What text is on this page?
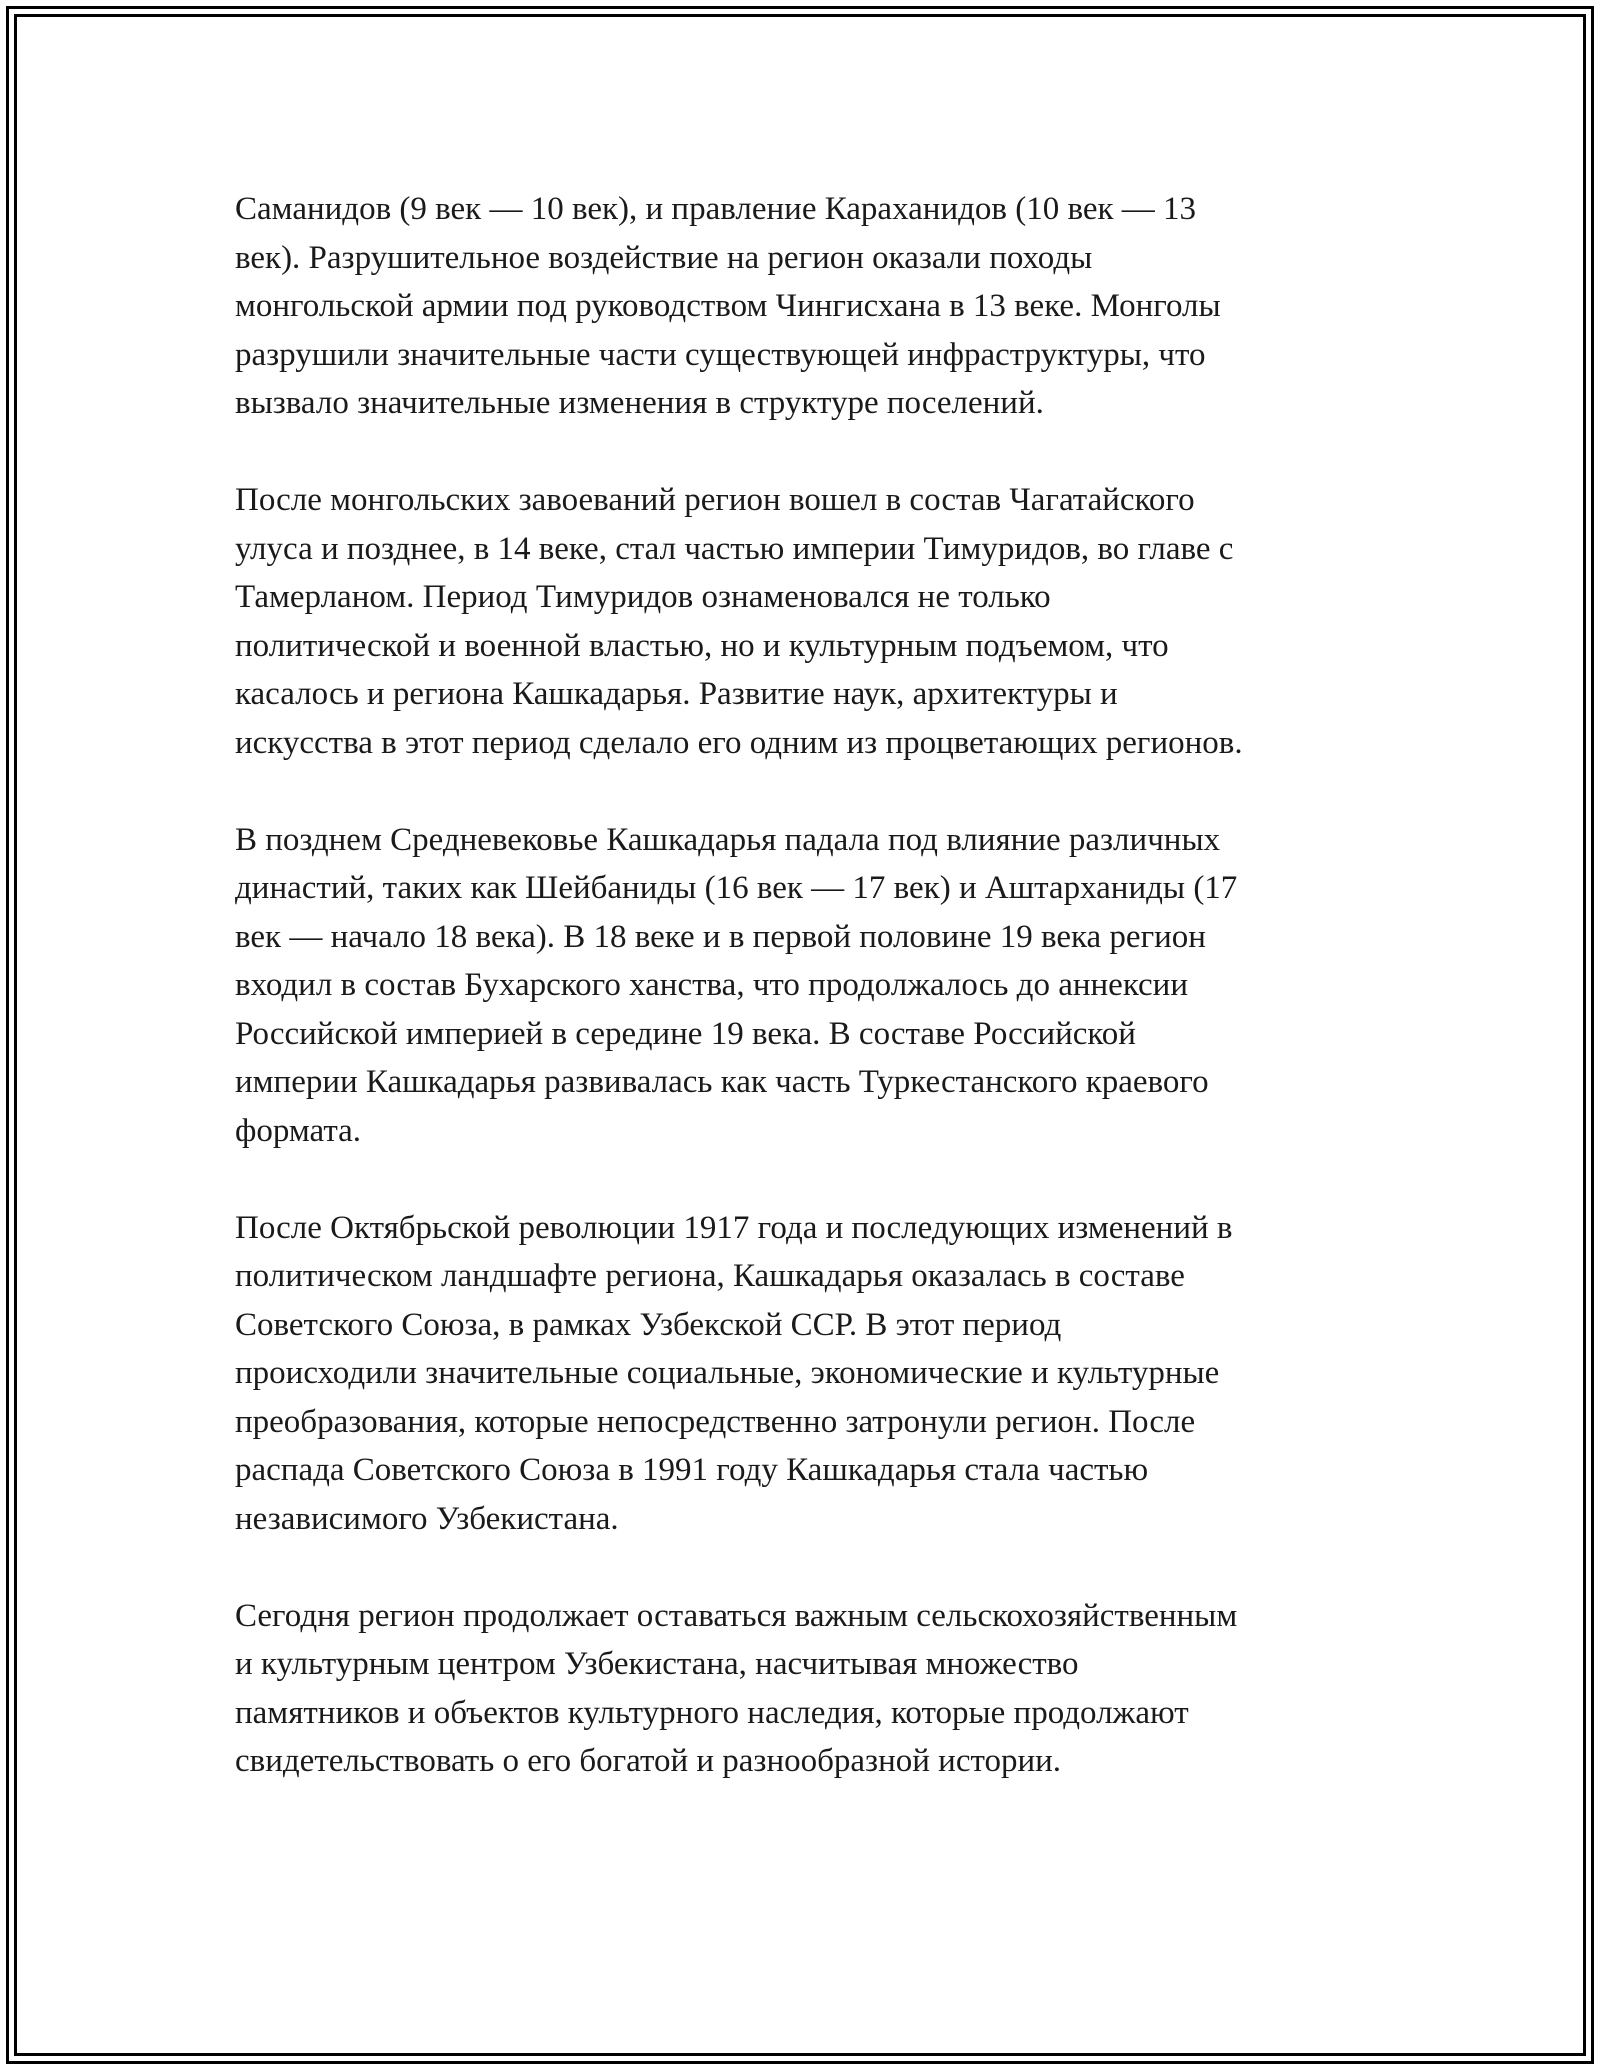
Саманидов (9 век — 10 век), и правление Караханидов (10 век — 13
век). Разрушительное воздействие на регион оказали походы
монгольской армии под руководством Чингисхана в 13 веке. Монголы
разрушили значительные части существующей инфраструктуры, что
вызвало значительные изменения в структуре поселений.

После монгольских завоеваний регион вошел в состав Чагатайского
улуса и позднее, в 14 веке, стал частью империи Тимуридов, во главе с
Тамерланом. Период Тимуридов ознаменовался не только
политической и военной властью, но и культурным подъемом, что
касалось и региона Кашкадарья. Развитие наук, архитектуры и
искусства в этот период сделало его одним из процветающих регионов.

В позднем Средневековье Кашкадарья падала под влияние различных
династий, таких как Шейбаниды (16 век — 17 век) и Аштарханиды (17
век — начало 18 века). В 18 веке и в первой половине 19 века регион
входил в состав Бухарского ханства, что продолжалось до аннексии
Российской империей в середине 19 века. В составе Российской
империи Кашкадарья развивалась как часть Туркестанского краевого
формата.

После Октябрьской революции 1917 года и последующих изменений в
политическом ландшафте региона, Кашкадарья оказалась в составе
Советского Союза, в рамках Узбекской ССР. В этот период
происходили значительные социальные, экономические и культурные
преобразования, которые непосредственно затронули регион. После
распада Советского Союза в 1991 году Кашкадарья стала частью
независимого Узбекистана.

Сегодня регион продолжает оставаться важным сельскохозяйственным
и культурным центром Узбекистана, насчитывая множество
памятников и объектов культурного наследия, которые продолжают
свидетельствовать о его богатой и разнообразной истории.
